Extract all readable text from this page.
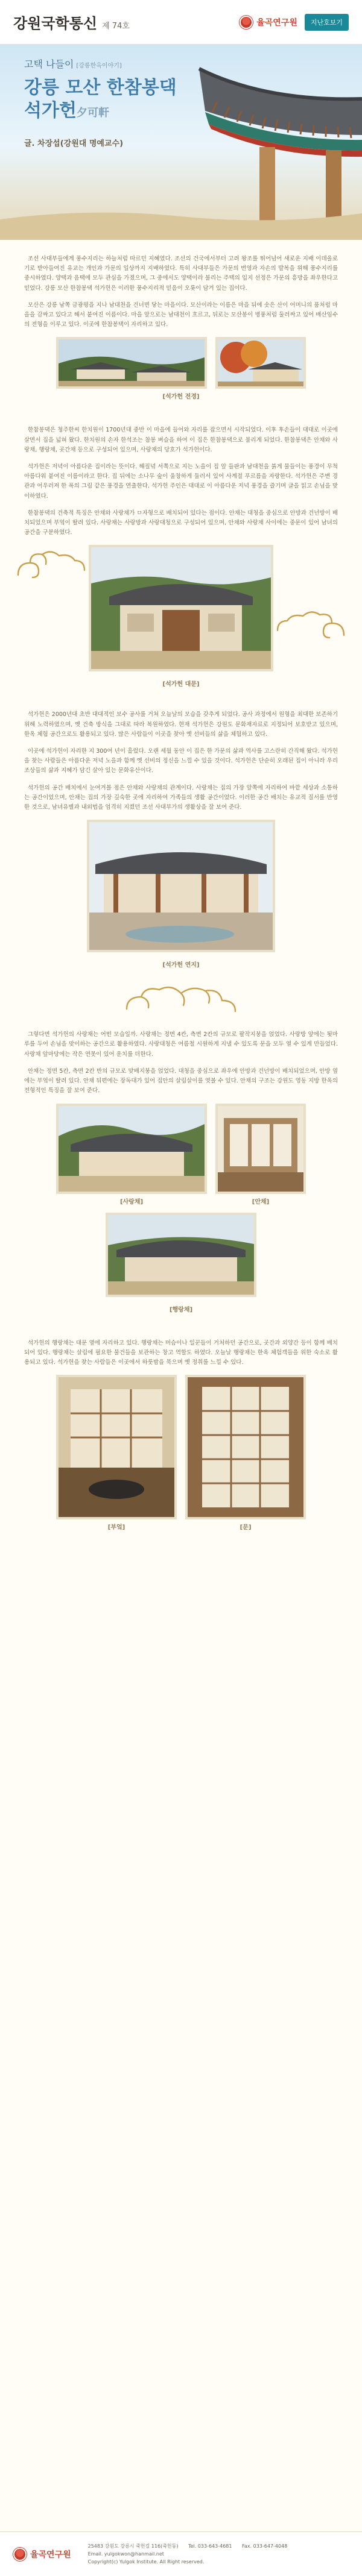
강원국학통신 제 74호	율곡연구원	지난호보기
고택 나들이 [강릉한옥이야기]
강릉 모산 한참봉댁
석가헌夕可軒
글. 차장섭(강원대 명예교수)

조선 사대부들에게 풍수지리는 하늘처럼 따르던 지혜였다. 조선의 건국에서부터 고려 왕조를 뛰어넘어 새로운 지배 이데올로기로 받아들여진 유교는 개인과 가문의 일상까지 지배하였다. 특히 사대부들은 가문의 번영과 자손의 발복을 위해 풍수지리를 중시하였다. 양택과 음택에 모두 관심을 가졌으며, 그 중에서도 양택이라 불리는 주택의 입지 선정은 가문의 흥망을 좌우한다고 믿었다. 강릉 모산 한참봉댁 석가헌은 이러한 풍수지리적 믿음이 오롯이 담겨 있는 집이다.

모산은 강릉 남쪽 금광평을 지나 남대천을 건너면 닿는 마을이다. 모산이라는 이름은 마을 뒤에 솟은 산이 어머니의 품처럼 마을을 감싸고 있다고 해서 붙여진 이름이다. 마을 앞으로는 남대천이 흐르고, 뒤로는 모산봉이 병풍처럼 둘러싸고 있어 배산임수의 전형을 이루고 있다. 이곳에 한참봉댁이 자리하고 있다.

[석가헌 전경]

한참봉댁은 청주한씨 한치원이 1700년대 중반 이 마을에 들어와 자리를 잡으면서 시작되었다. 이후 후손들이 대대로 이곳에 살면서 집을 넓혀 왔다. 한치원의 손자 한석조는 참봉 벼슬을 하여 이 집은 한참봉댁으로 불리게 되었다. 한참봉댁은 안채와 사랑채, 행랑채, 곳간채 등으로 구성되어 있으며, 사랑채의 당호가 석가헌이다.

석가헌은 저녁이 아름다운 집이라는 뜻이다. 해질녘 서쪽으로 지는 노을이 집 앞 들판과 남대천을 붉게 물들이는 풍경이 무척 아름다워 붙여진 이름이라고 한다. 집 뒤에는 소나무 숲이 울창하게 둘러서 있어 사계절 푸르름을 자랑한다. 석가헌은 주변 경관과 어우러져 한 폭의 그림 같은 풍경을 연출한다. 석가헌 주인은 대대로 이 아름다운 저녁 풍경을 즐기며 글을 읽고 손님을 맞이하였다.

한참봉댁의 건축적 특징은 안채와 사랑채가 ㅁ자형으로 배치되어 있다는 점이다. 안채는 대청을 중심으로 안방과 건넌방이 배치되었으며 부엌이 딸려 있다. 사랑채는 사랑방과 사랑대청으로 구성되어 있으며, 안채와 사랑채 사이에는 중문이 있어 남녀의 공간을 구분하였다.

[석가헌 대문]

석가헌은 2000년대 초반 대대적인 보수 공사를 거쳐 오늘날의 모습을 갖추게 되었다. 공사 과정에서 원형을 최대한 보존하기 위해 노력하였으며, 옛 건축 방식을 그대로 따라 복원하였다. 현재 석가헌은 강원도 문화재자료로 지정되어 보호받고 있으며, 한옥 체험 공간으로도 활용되고 있다. 많은 사람들이 이곳을 찾아 옛 선비들의 삶을 체험하고 있다.

이곳에 석가헌이 자리한 지 300여 년이 흘렀다. 오랜 세월 동안 이 집은 한 가문의 삶과 역사를 고스란히 간직해 왔다. 석가헌을 찾는 사람들은 아름다운 저녁 노을과 함께 옛 선비의 정신을 느낄 수 있을 것이다. 석가헌은 단순히 오래된 집이 아니라 우리 조상들의 삶과 지혜가 담긴 살아 있는 문화유산이다.

석가헌의 공간 배치에서 눈여겨볼 점은 안채와 사랑채의 관계이다. 사랑채는 집의 가장 앞쪽에 자리하여 바깥 세상과 소통하는 공간이었으며, 안채는 집의 가장 깊숙한 곳에 자리하여 가족들의 생활 공간이었다. 이러한 공간 배치는 유교적 질서를 반영한 것으로, 남녀유별과 내외법을 엄격히 지켰던 조선 사대부가의 생활상을 잘 보여 준다.

[석가헌 연지]

그렇다면 석가헌의 사랑채는 어떤 모습일까. 사랑채는 정면 4칸, 측면 2칸의 규모로 팔작지붕을 얹었다. 사랑방 앞에는 툇마루를 두어 손님을 맞이하는 공간으로 활용하였다. 사랑대청은 여름철 시원하게 지낼 수 있도록 문을 모두 열 수 있게 만들었다. 사랑채 앞마당에는 작은 연못이 있어 운치를 더한다.

안채는 정면 5칸, 측면 2칸 반의 규모로 맞배지붕을 얹었다. 대청을 중심으로 좌우에 안방과 건넌방이 배치되었으며, 안방 옆에는 부엌이 딸려 있다. 안채 뒤편에는 장독대가 있어 집안의 살림살이를 엿볼 수 있다. 안채의 구조는 강원도 영동 지방 한옥의 전형적인 특징을 잘 보여 준다.

[사랑채]	[안채]
[행랑채]

석가헌의 행랑채는 대문 옆에 자리하고 있다. 행랑채는 머슴이나 일꾼들이 거처하던 공간으로, 곳간과 외양간 등이 함께 배치되어 있다. 행랑채는 살림에 필요한 물건들을 보관하는 창고 역할도 하였다. 오늘날 행랑채는 한옥 체험객들을 위한 숙소로 활용되고 있다. 석가헌을 찾는 사람들은 이곳에서 하룻밤을 묵으며 옛 정취를 느낄 수 있다.

[부엌]	[문]
율곡연구원
25483 강원도 강릉시 죽헌길 116(죽헌동) Tel. 033-643-4681 Fax. 033-647-4048
Email. yulgokwon@hanmail.net
Copyright(c) Yulgok Institute. All Right reserved.
